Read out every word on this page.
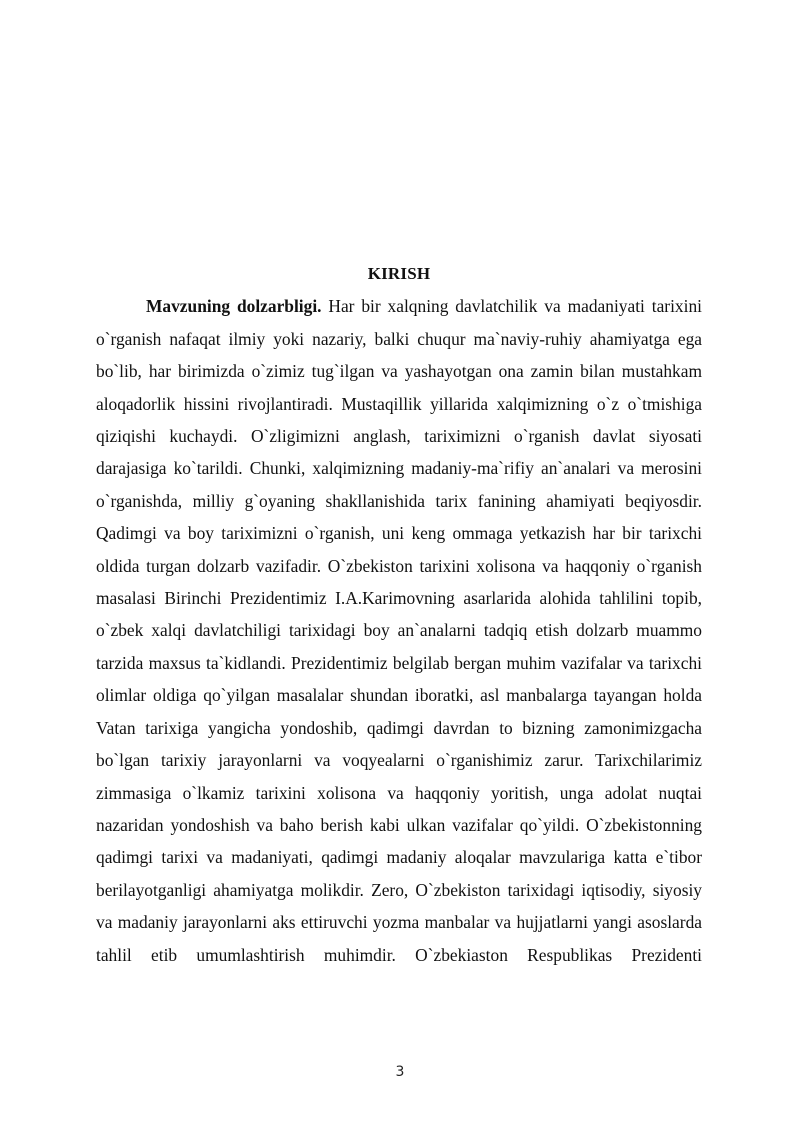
KIRISH

Mavzuning dolzarbligi. Har bir xalqning davlatchilik va madaniyati tarixini o`rganish nafaqat ilmiy yoki nazariy, balki chuqur ma`naviy-ruhiy ahamiyatga ega bo`lib, har birimizda o`zimiz tug`ilgan va yashayotgan ona zamin bilan mustahkam aloqadorlik hissini rivojlantiradi. Mustaqillik yillarida xalqimizning o`z o`tmishiga qiziqishi kuchaydi. O`zligimizni anglash, tariximizni o`rganish davlat siyosati darajasiga ko`tarildi. Chunki, xalqimizning madaniy-ma`rifiy an`analari va merosini o`rganishda, milliy g`oyaning shakllanishida tarix fanining ahamiyati beqiyosdir. Qadimgi va boy tariximizni o`rganish, uni keng ommaga yetkazish har bir tarixchi oldida turgan dolzarb vazifadir. O`zbekiston tarixini xolisona va haqqoniy o`rganish masalasi Birinchi Prezidentimiz I.A.Karimovning asarlarida alohida tahlilini topib, o`zbek xalqi davlatchiligi tarixidagi boy an`analarni tadqiq etish dolzarb muammo tarzida maxsus ta`kidlandi. Prezidentimiz belgilab bergan muhim vazifalar va tarixchi olimlar oldiga qo`yilgan masalalar shundan iboratki, asl manbalarga tayangan holda Vatan tarixiga yangicha yondoshib, qadimgi davrdan to bizning zamonimizgacha bo`lgan tarixiy jarayonlarni va voqyealarni o`rganishimiz zarur. Tarixchilarimiz zimmasiga o`lkamiz tarixini xolisona va haqqoniy yoritish, unga adolat nuqtai nazaridan yondoshish va baho berish kabi ulkan vazifalar qo`yildi. O`zbekistonning qadimgi tarixi va madaniyati, qadimgi madaniy aloqalar mavzulariga katta e`tibor berilayotganligi ahamiyatga molikdir. Zero, O`zbekiston tarixidagi iqtisodiy, siyosiy va madaniy jarayonlarni aks ettiruvchi yozma manbalar va hujjatlarni yangi asoslarda tahlil etib umumlashtirish muhimdir. O`zbekiaston Respublikas Prezidenti

3
